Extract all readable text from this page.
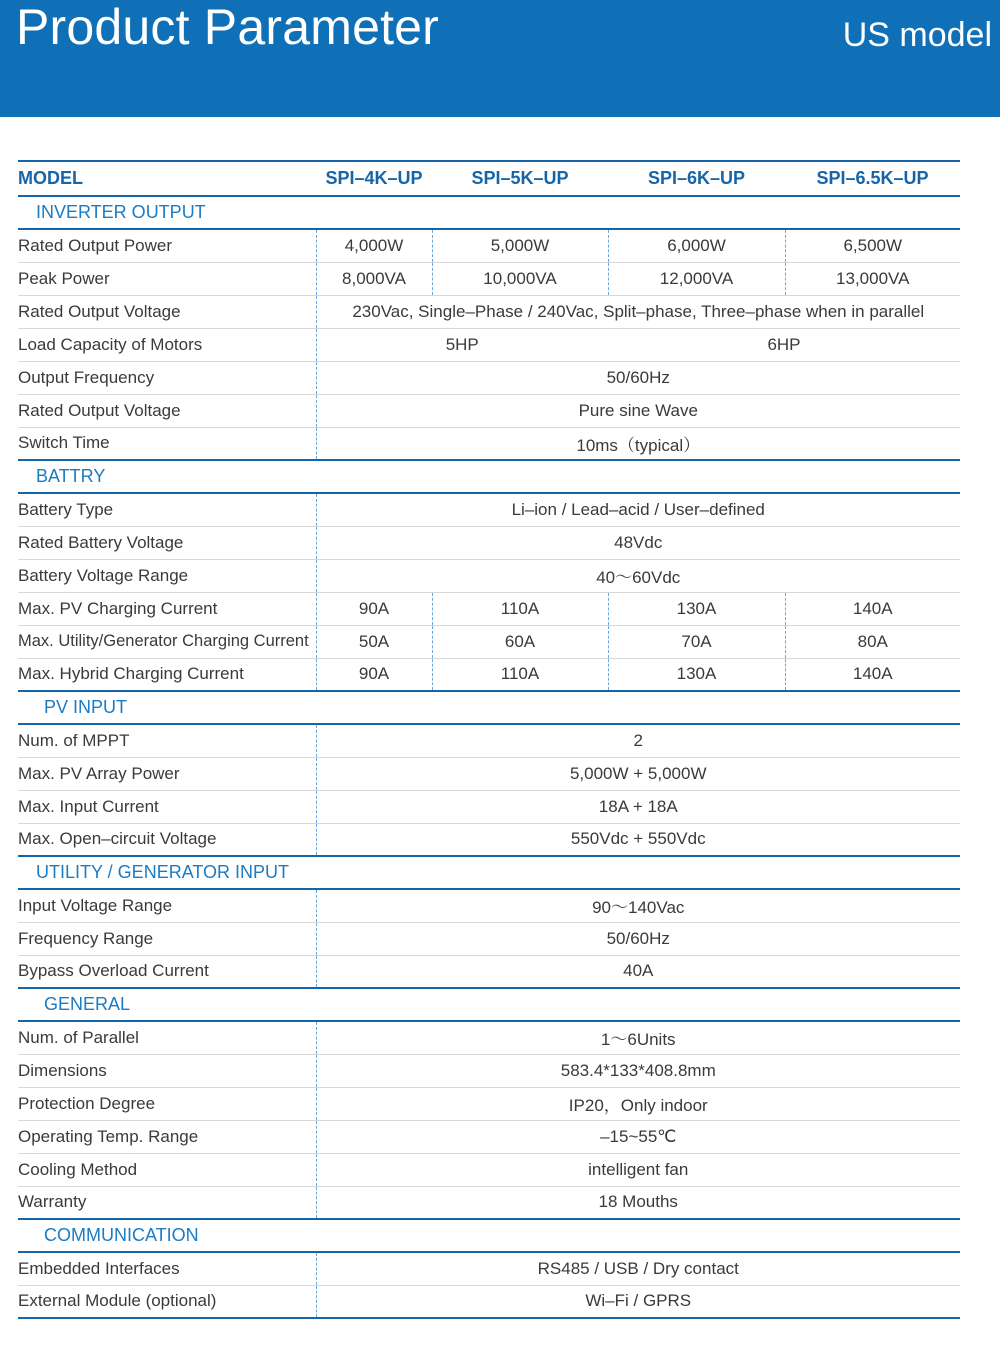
Product Parameter	US model
MODEL	SPI–4K–UP	SPI–5K–UP	SPI–6K–UP	SPI–6.5K–UP
INVERTER OUTPUT				
Rated Output Power	4,000W	5,000W	6,000W	6,500W
Peak Power	8,000VA	10,000VA	12,000VA	13,000VA
Rated Output Voltage	230Vac, Single–Phase / 240Vac, Split–phase, Three–phase when in parallel			
Load Capacity of Motors	5HP		6HP	
Output Frequency	50/60Hz			
Rated Output Voltage	Pure sine Wave			
Switch Time	10ms（typical）			
BATTRY				
Battery Type	Li–ion / Lead–acid / User–defined			
Rated Battery Voltage	48Vdc			
Battery Voltage Range	40～60Vdc			
Max. PV Charging Current	90A	110A	130A	140A
Max. Utility/Generator Charging Current	50A	60A	70A	80A
Max. Hybrid Charging Current	90A	110A	130A	140A
PV INPUT				
Num. of MPPT	2			
Max. PV Array Power	5,000W + 5,000W			
Max. Input Current	18A + 18A			
Max. Open–circuit Voltage	550Vdc + 550Vdc			
UTILITY / GENERATOR INPUT				
Input Voltage Range	90～140Vac			
Frequency Range	50/60Hz			
Bypass Overload Current	40A			
GENERAL				
Num. of Parallel	1～6Units			
Dimensions	583.4*133*408.8mm			
Protection Degree	IP20，Only indoor			
Operating Temp. Range	–15~55℃			
Cooling Method	intelligent fan			
Warranty	18 Mouths			
COMMUNICATION				
Embedded Interfaces	RS485 / USB / Dry contact			
External Module (optional)	Wi–Fi / GPRS			
